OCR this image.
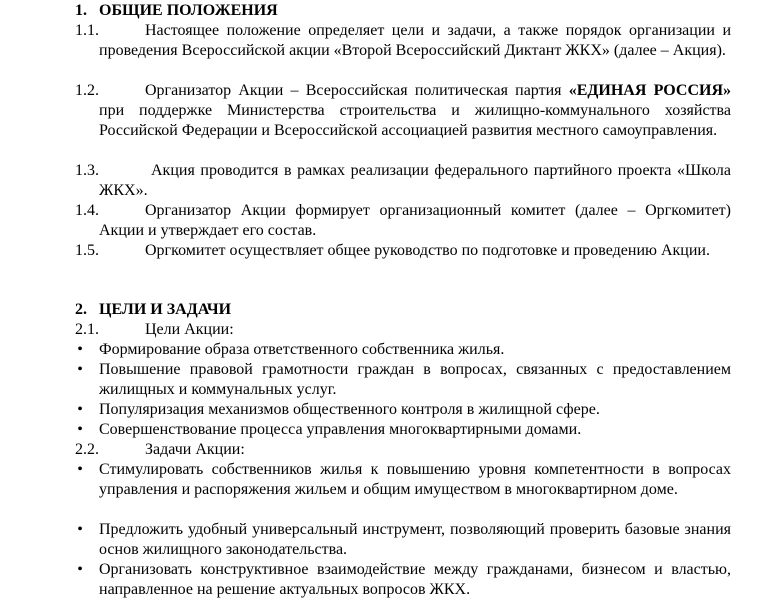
1. ОБЩИЕ ПОЛОЖЕНИЯ
1.1.	Настоящее положение определяет цели и задачи, а также порядок организации и проведения Всероссийской акции «Второй Всероссийский Диктант ЖКХ» (далее – Акция).
1.2.	Организатор Акции – Всероссийская политическая партия «ЕДИНАЯ РОССИЯ» при поддержке Министерства строительства и жилищно-коммунального хозяйства Российской Федерации и Всероссийской ассоциацией развития местного самоуправления.
1.3.	Акция проводится в рамках реализации федерального партийного проекта «Школа ЖКХ».
1.4.	Организатор Акции формирует организационный комитет (далее – Оргкомитет) Акции и утверждает его состав.
1.5.	Оргкомитет осуществляет общее руководство по подготовке и проведению Акции.
2. ЦЕЛИ И ЗАДАЧИ
2.1.	Цели Акции:
• Формирование образа ответственного собственника жилья.
• Повышение правовой грамотности граждан в вопросах, связанных с предоставлением жилищных и коммунальных услуг.
• Популяризация механизмов общественного контроля в жилищной сфере.
• Совершенствование процесса управления многоквартирными домами.
2.2.	Задачи Акции:
• Стимулировать собственников жилья к повышению уровня компетентности в вопросах управления и распоряжения жильем и общим имуществом в многоквартирном доме.
• Предложить удобный универсальный инструмент, позволяющий проверить базовые знания основ жилищного законодательства.
• Организовать конструктивное взаимодействие между гражданами, бизнесом и властью, направленное на решение актуальных вопросов ЖКХ.
